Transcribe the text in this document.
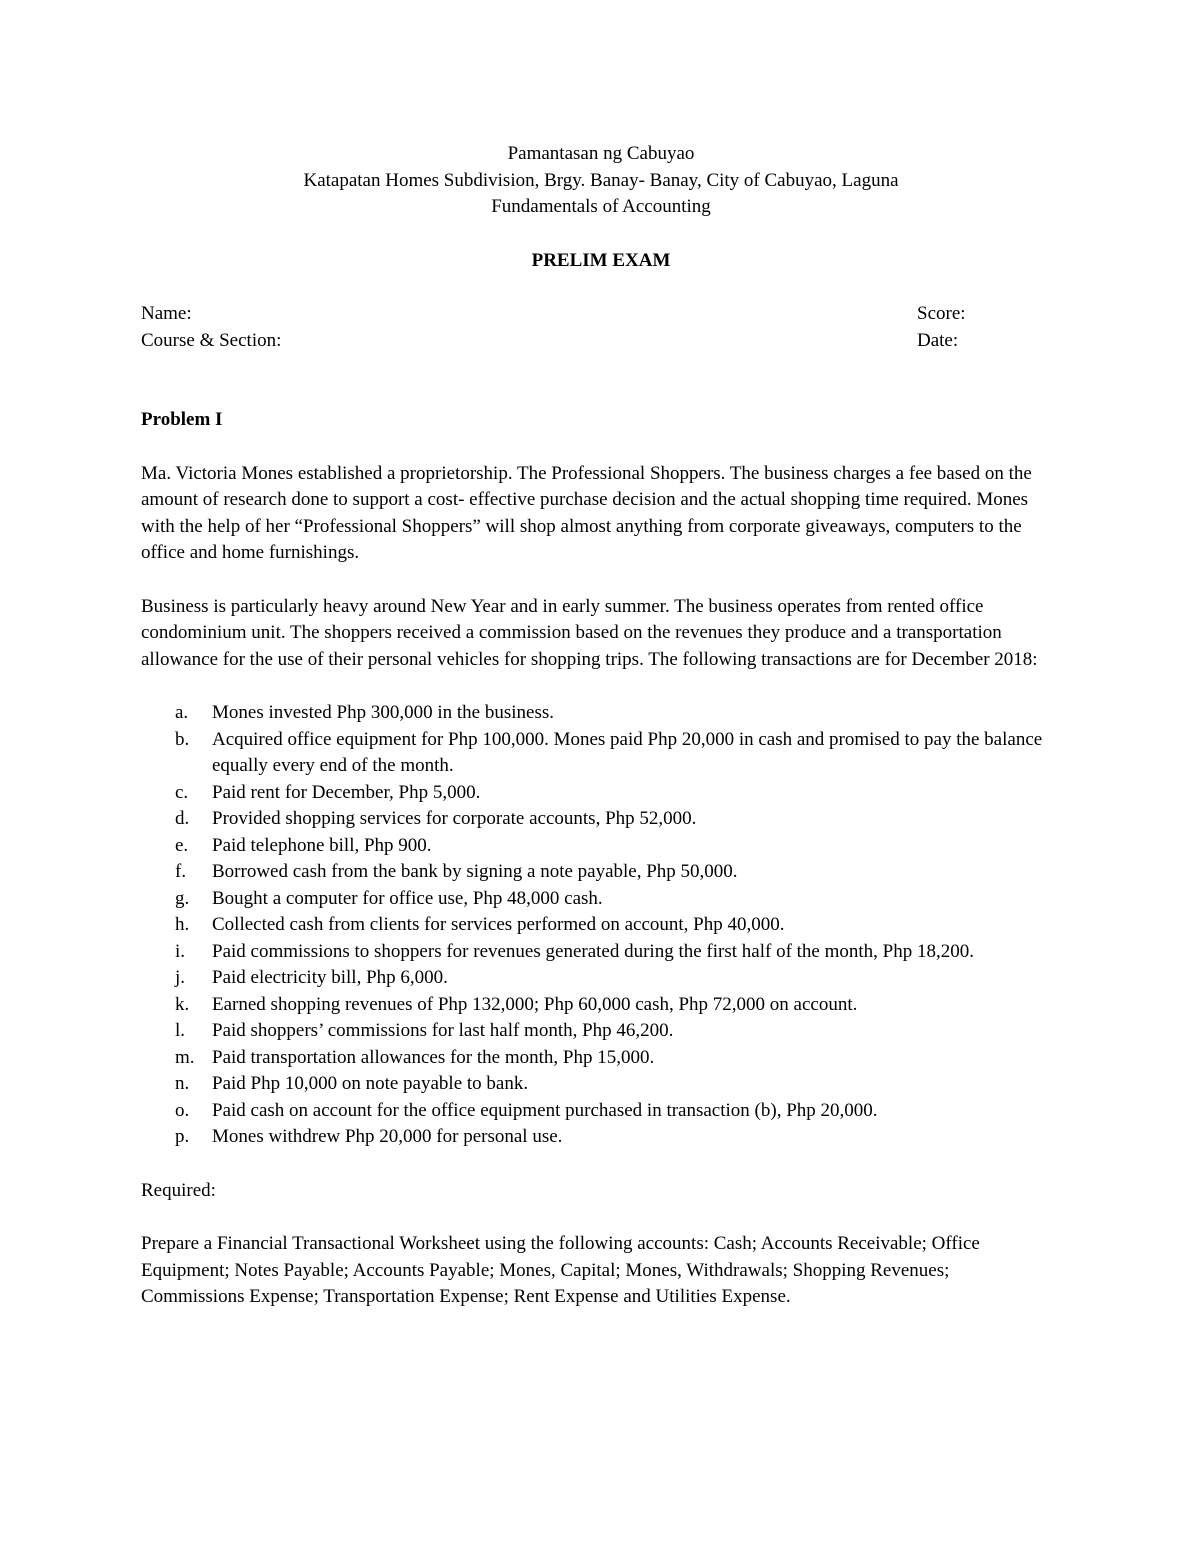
Pamantasan ng Cabuyao
Katapatan Homes Subdivision, Brgy. Banay- Banay, City of Cabuyao, Laguna
Fundamentals of Accounting
PRELIM EXAM
Name:	Score:
Course & Section:	Date:
Problem I

Ma. Victoria Mones established a proprietorship. The Professional Shoppers. The business charges a fee based on the amount of research done to support a cost- effective purchase decision and the actual shopping time required. Mones with the help of her “Professional Shoppers” will shop almost anything from corporate giveaways, computers to the office and home furnishings.

Business is particularly heavy around New Year and in early summer. The business operates from rented office condominium unit. The shoppers received a commission based on the revenues they produce and a transportation allowance for the use of their personal vehicles for shopping trips. The following transactions are for December 2018:

a.	Mones invested Php 300,000 in the business.
b.	Acquired office equipment for Php 100,000. Mones paid Php 20,000 in cash and promised to pay the balance equally every end of the month.
c.	Paid rent for December, Php 5,000.
d.	Provided shopping services for corporate accounts, Php 52,000.
e.	Paid telephone bill, Php 900.
f.	Borrowed cash from the bank by signing a note payable, Php 50,000.
g.	Bought a computer for office use, Php 48,000 cash.
h.	Collected cash from clients for services performed on account, Php 40,000.
i.	Paid commissions to shoppers for revenues generated during the first half of the month, Php 18,200.
j.	Paid electricity bill, Php 6,000.
k.	Earned shopping revenues of Php 132,000; Php 60,000 cash, Php 72,000 on account.
l.	Paid shoppers’ commissions for last half month, Php 46,200.
m. Paid transportation allowances for the month, Php 15,000.
n.	Paid Php 10,000 on note payable to bank.
o.	Paid cash on account for the office equipment purchased in transaction (b), Php 20,000.
p.	Mones withdrew Php 20,000 for personal use.
Required:

Prepare a Financial Transactional Worksheet using the following accounts: Cash; Accounts Receivable; Office Equipment; Notes Payable; Accounts Payable; Mones, Capital; Mones, Withdrawals; Shopping Revenues; Commissions Expense; Transportation Expense; Rent Expense and Utilities Expense.
